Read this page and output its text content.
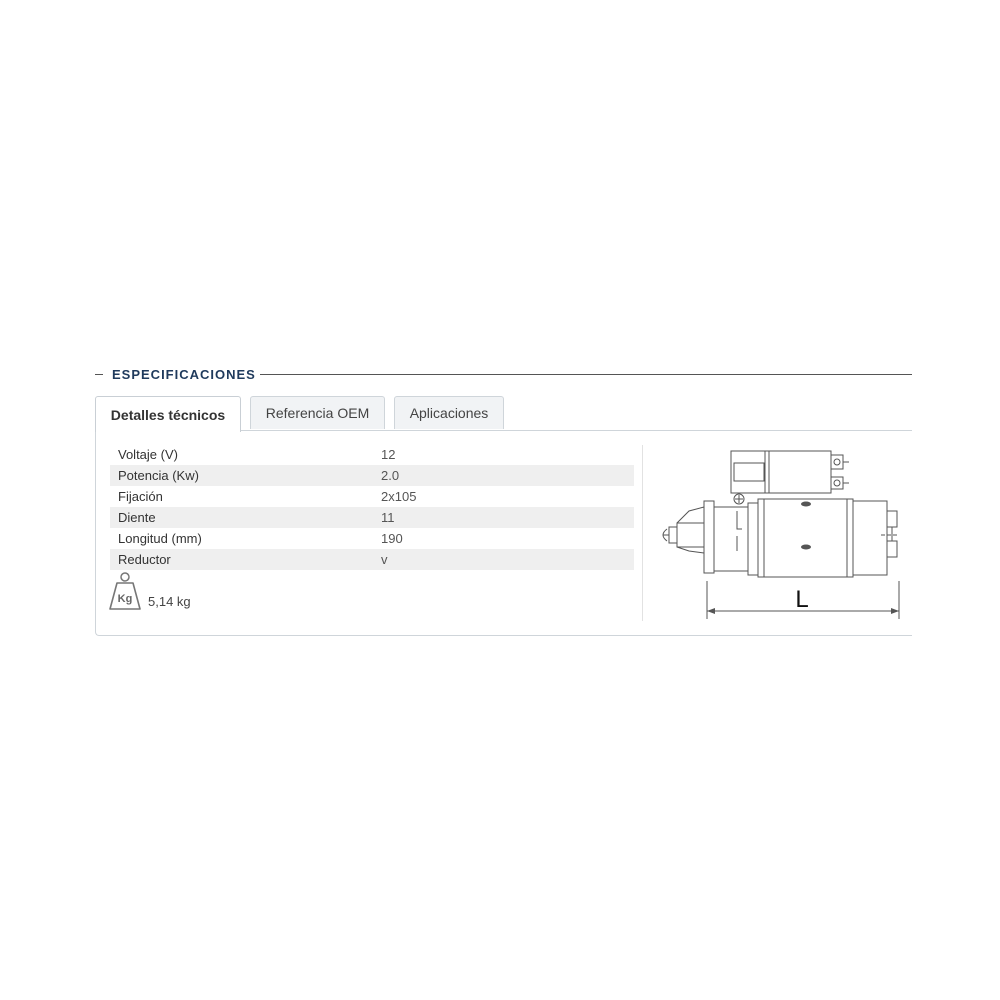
ESPECIFICACIONES
Detalles técnicos	Referencia OEM	Aplicaciones
Voltaje (V)	12
Potencia (Kw)	2.0
Fijación	2x105
Diente	11
Longitud (mm)	190
Reductor	v
Kg 5,14 kg	L
